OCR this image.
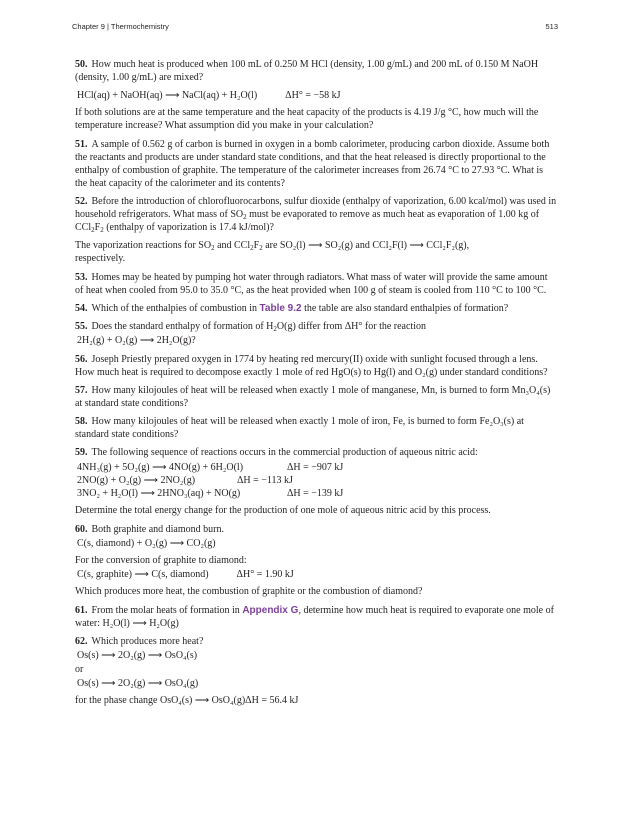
Chapter 9 | Thermochemistry	513
50. How much heat is produced when 100 mL of 0.250 M HCl (density, 1.00 g/mL) and 200 mL of 0.150 M NaOH (density, 1.00 g/mL) are mixed?
HCl(aq) + NaOH(aq) ⟶ NaCl(aq) + H₂O(l)	ΔH° = −58 kJ
If both solutions are at the same temperature and the heat capacity of the products is 4.19 J/g °C, how much will the temperature increase? What assumption did you make in your calculation?
51. A sample of 0.562 g of carbon is burned in oxygen in a bomb calorimeter, producing carbon dioxide. Assume both the reactants and products are under standard state conditions, and that the heat released is directly proportional to the enthalpy of combustion of graphite. The temperature of the calorimeter increases from 26.74 °C to 27.93 °C. What is the heat capacity of the calorimeter and its contents?
52. Before the introduction of chlorofluorocarbons, sulfur dioxide (enthalpy of vaporization, 6.00 kcal/mol) was used in household refrigerators. What mass of $SO_2$ must be evaporated to remove as much heat as evaporation of 1.00 kg of $CCl_2F_2$ (enthalpy of vaporization is 17.4 kJ/mol)?
The vaporization reactions for $SO_2$ and $CCl_2F_2$ are SO₂(l) ⟶ SO₂(g) and CCl₂F(l) ⟶ CCl₂F₂(g),
respectively.
53. Homes may be heated by pumping hot water through radiators. What mass of water will provide the same amount of heat when cooled from 95.0 to 35.0 °C, as the heat provided when 100 g of steam is cooled from 110 °C to 100 °C.
54. Which of the enthalpies of combustion in Table 9.2 the table are also standard enthalpies of formation?
55. Does the standard enthalpy of formation of $H_2O(g)$ differ from ΔH° for the reaction
2H₂(g) + O₂(g) ⟶ 2H₂O(g)?
56. Joseph Priestly prepared oxygen in 1774 by heating red mercury(II) oxide with sunlight focused through a lens. How much heat is required to decompose exactly 1 mole of red HgO(s) to Hg(l) and O₂(g) under standard conditions?
57. How many kilojoules of heat will be released when exactly 1 mole of manganese, Mn, is burned to form Mn₃O₄(s) at standard state conditions?
58. How many kilojoules of heat will be released when exactly 1 mole of iron, Fe, is burned to form Fe₂O₃(s) at standard state conditions?
59. The following sequence of reactions occurs in the commercial production of aqueous nitric acid:
4NH₃(g) + 5O₂(g) ⟶ 4NO(g) + 6H₂O(l)	ΔH = −907 kJ
2NO(g) + O₂(g) ⟶ 2NO₂(g)	ΔH = −113 kJ
3NO₂ + H₂O(l) ⟶ 2HNO₃(aq) + NO(g)	ΔH = −139 kJ
Determine the total energy change for the production of one mole of aqueous nitric acid by this process.
60. Both graphite and diamond burn.
C(s, diamond) + O₂(g) ⟶ CO₂(g)
For the conversion of graphite to diamond:
C(s, graphite) ⟶ C(s, diamond)	ΔH° = 1.90 kJ
Which produces more heat, the combustion of graphite or the combustion of diamond?
61. From the molar heats of formation in Appendix G, determine how much heat is required to evaporate one mole of water: H₂O(l) ⟶ H₂O(g)
62. Which produces more heat?
Os(s) ⟶ 2O₂(g) ⟶ OsO₄(s)
or
Os(s) ⟶ 2O₂(g) ⟶ OsO₄(g)
for the phase change OsO₄(s) ⟶ OsO₄(g)ΔH = 56.4 kJ
